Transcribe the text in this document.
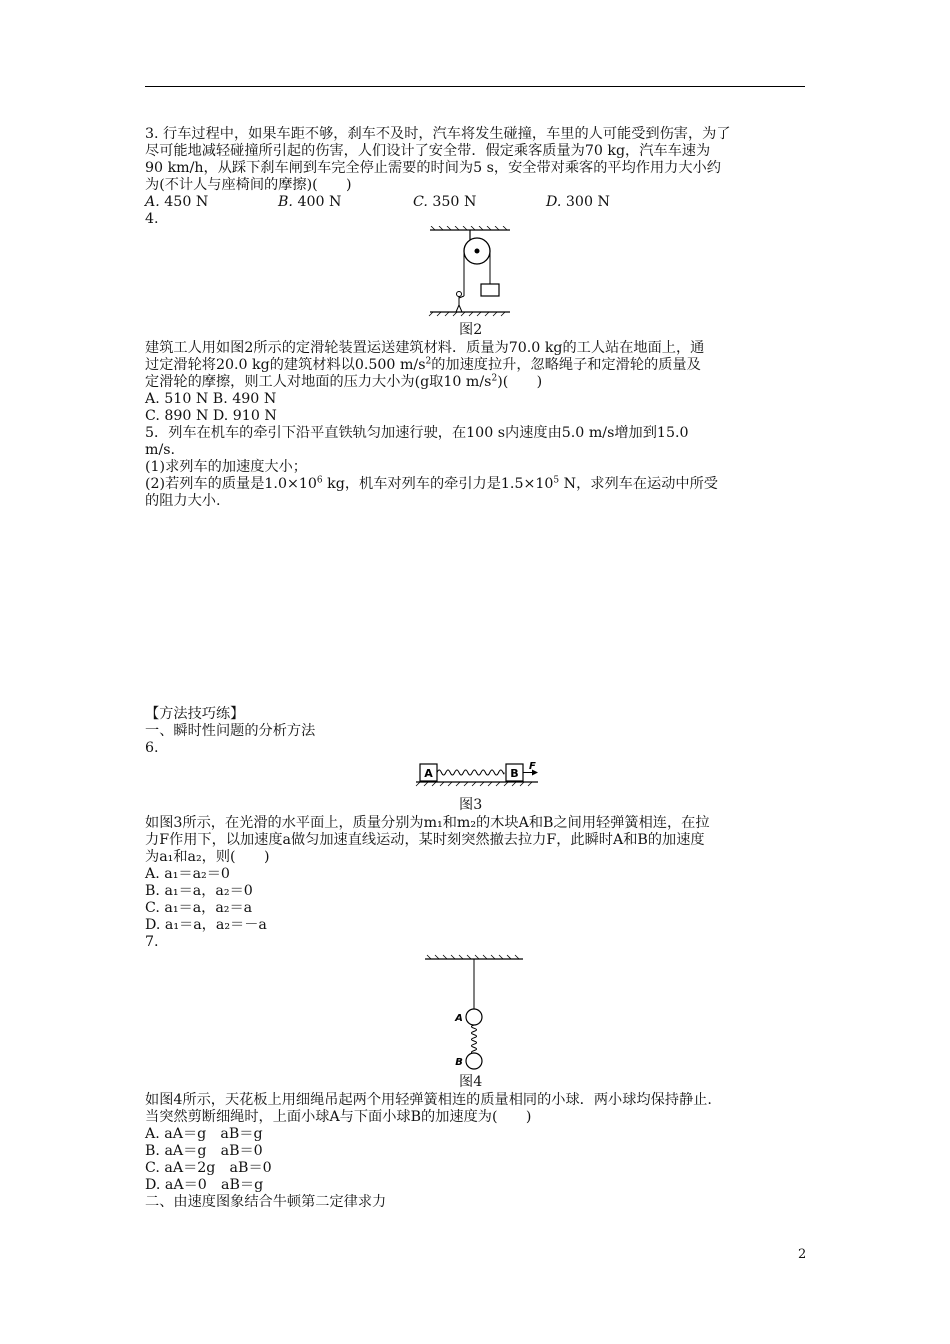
3. 行车过程中，如果车距不够，刹车不及时，汽车将发生碰撞，车里的人可能受到伤害，为了
尽可能地减轻碰撞所引起的伤害，人们设计了安全带．假定乘客质量为70 kg，汽车车速为
90 km/h，从踩下刹车闸到车完全停止需要的时间为5 s，安全带对乘客的平均作用力大小约
为(不计人与座椅间的摩擦)(　　)
A. 450 N	B. 400 N	C. 350 N	D. 300 N
4.
图2
建筑工人用如图2所示的定滑轮装置运送建筑材料．质量为70.0 kg的工人站在地面上，通
过定滑轮将20.0 kg的建筑材料以0.500 $m/s^2$的加速度拉升，忽略绳子和定滑轮的质量及
定滑轮的摩擦，则工人对地面的压力大小为(g取10 $m/s^2$)(　　)
A. 510 N B. 490 N
C. 890 N D. 910 N
5．列车在机车的牵引下沿平直铁轨匀加速行驶，在100 s内速度由5.0 m/s增加到15.0
m/s.
(1)求列车的加速度大小；
(2)若列车的质量是$1.0\times 10^6$ kg，机车对列车的牵引力是$1.5\times 10^5$ N，求列车在运动中所受
的阻力大小.
【方法技巧练】
一、瞬时性问题的分析方法
6.
A	B
F
图3
如图3所示，在光滑的水平面上，质量分别为m₁和m₂的木块A和B之间用轻弹簧相连，在拉
力F作用下，以加速度a做匀加速直线运动，某时刻突然撤去拉力F，此瞬时A和B的加速度
为a₁和a₂，则(　　)
A. a₁＝a₂＝0
B. a₁＝a，a₂＝0
C. a₁＝a，a₂＝a
D. a₁＝a，a₂＝－a
7.
A
B
图4
如图4所示，天花板上用细绳吊起两个用轻弹簧相连的质量相同的小球．两小球均保持静止.
当突然剪断细绳时，上面小球A与下面小球B的加速度为(　　)
A. aA＝g　aB＝g
B. aA＝g　aB＝0
C. aA＝2g　aB＝0
D. aA＝0　aB＝g
二、由速度图象结合牛顿第二定律求力
2
